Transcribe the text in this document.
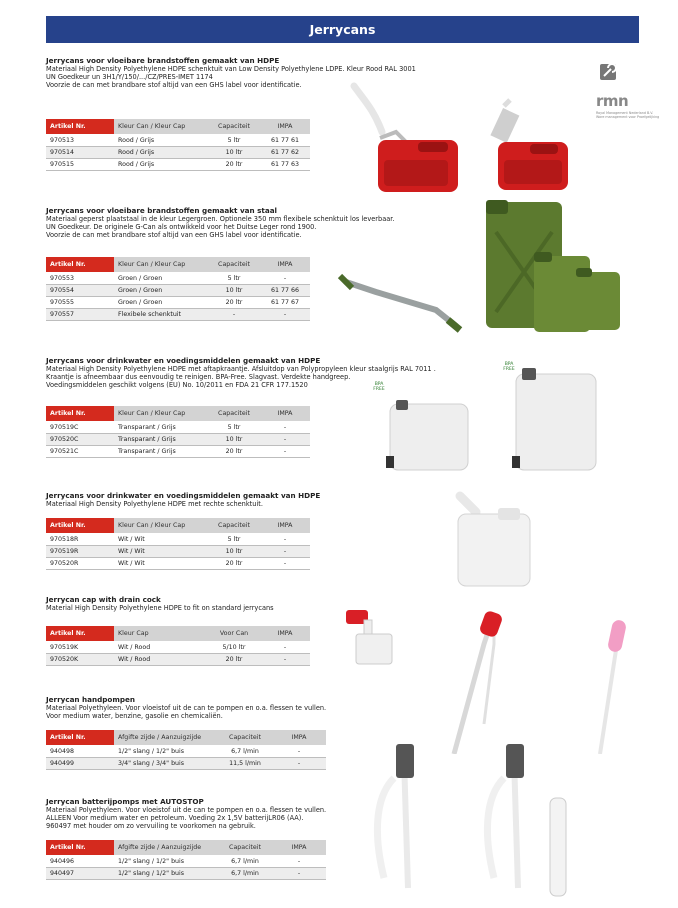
Jerrycans
rmn
Royal Management Nederland B.V.
Ware management voor Proefgelijking
Jerrycans voor vloeibare brandstoffen gemaakt van HDPE
Materiaal High Density Polyethylene HDPE schenktuit van Low Density Polyethylene LDPE. Kleur Rood RAL 3001
UN Goedkeur un 3H1/Y/150/.../CZ/PRES-IMET 1174
Voorzie de can met brandbare stof altijd van een GHS label voor identificatie.
Artikel Nr.	Kleur Can / Kleur Cap	Capaciteit	IMPA
970513	Rood / Grijs	5 ltr	61 77 61
970514	Rood / Grijs	10 ltr	61 77 62
970515	Rood / Grijs	20 ltr	61 77 63
Jerrycans voor vloeibare brandstoffen gemaakt van staal
Materiaal geperst plaatstaal in de kleur Legergroen. Optionele 350 mm flexibele schenktuit los leverbaar.
UN Goedkeur. De originele G-Can als ontwikkeld voor het Duitse Leger rond 1900.
Voorzie de can met brandbare stof altijd van een GHS label voor identificatie.
Artikel Nr.	Kleur Can / Kleur Cap	Capaciteit	IMPA
970553	Groen / Groen	5 ltr	-
970554	Groen / Groen	10 ltr	61 77 66
970555	Groen / Groen	20 ltr	61 77 67
970557	Flexibele schenktuit	-	-
Jerrycans voor drinkwater en voedingsmiddelen gemaakt van HDPE
Materiaal High Density Polyethylene HDPE met aftapkraantje. Afsluitdop van Polypropyleen kleur staalgrijs RAL 7011 .
Kraantje is afneembaar dus eenvoudig te reinigen. BPA-Free. Slagvast. Verdekte handgreep.
Voedingsmiddelen geschikt volgens (EU) No. 10/2011 en FDA 21 CFR 177.1520
Artikel Nr.	Kleur Can / Kleur Cap	Capaciteit	IMPA
970519C	Transparant / Grijs	5 ltr	-
970520C	Transparant / Grijs	10 ltr	-
970521C	Transparant / Grijs	20 ltr	-
BPA FREE
BPA FREE
Jerrycans voor drinkwater en voedingsmiddelen gemaakt van HDPE
Materiaal High Density Polyethylene HDPE met rechte schenktuit.
Artikel Nr.	Kleur Can / Kleur Cap	Capaciteit	IMPA
970518R	Wit / Wit	5 ltr	-
970519R	Wit / Wit	10 ltr	-
970520R	Wit / Wit	20 ltr	-
Jerrycan cap with drain cock
Material High Density Polyethylene HDPE to fit on standard jerrycans
Artikel Nr.	Kleur Cap	Voor Can	IMPA
970519K	Wit / Rood	5/10 ltr	-
970520K	Wit / Rood	20 ltr	-
Jerrycan handpompen
Materiaal Polyethyleen. Voor vloeistof uit de can te pompen en o.a. flessen te vullen.
Voor medium water, benzine, gasolie en chemicaliën.
Artikel Nr.	Afgifte zijde / Aanzuigzijde	Capaciteit	IMPA
940498	1/2" slang / 1/2" buis	6,7 l/min	-
940499	3/4" slang / 3/4" buis	11,5 l/min	-
Jerrycan batterijpomps met AUTOSTOP
Materiaal Polyethyleen. Voor vloeistof uit de can te pompen en o.a. flessen te vullen.
ALLEEN Voor medium water en petroleum. Voeding 2x 1,5V batterijLR06 (AA).
960497 met houder om zo vervuiling te voorkomen na gebruik.
Artikel Nr.	Afgifte zijde / Aanzuigzijde	Capaciteit	IMPA
940496	1/2" slang / 1/2" buis	6,7 l/min	-
940497	1/2" slang / 1/2" buis	6,7 l/min	-
